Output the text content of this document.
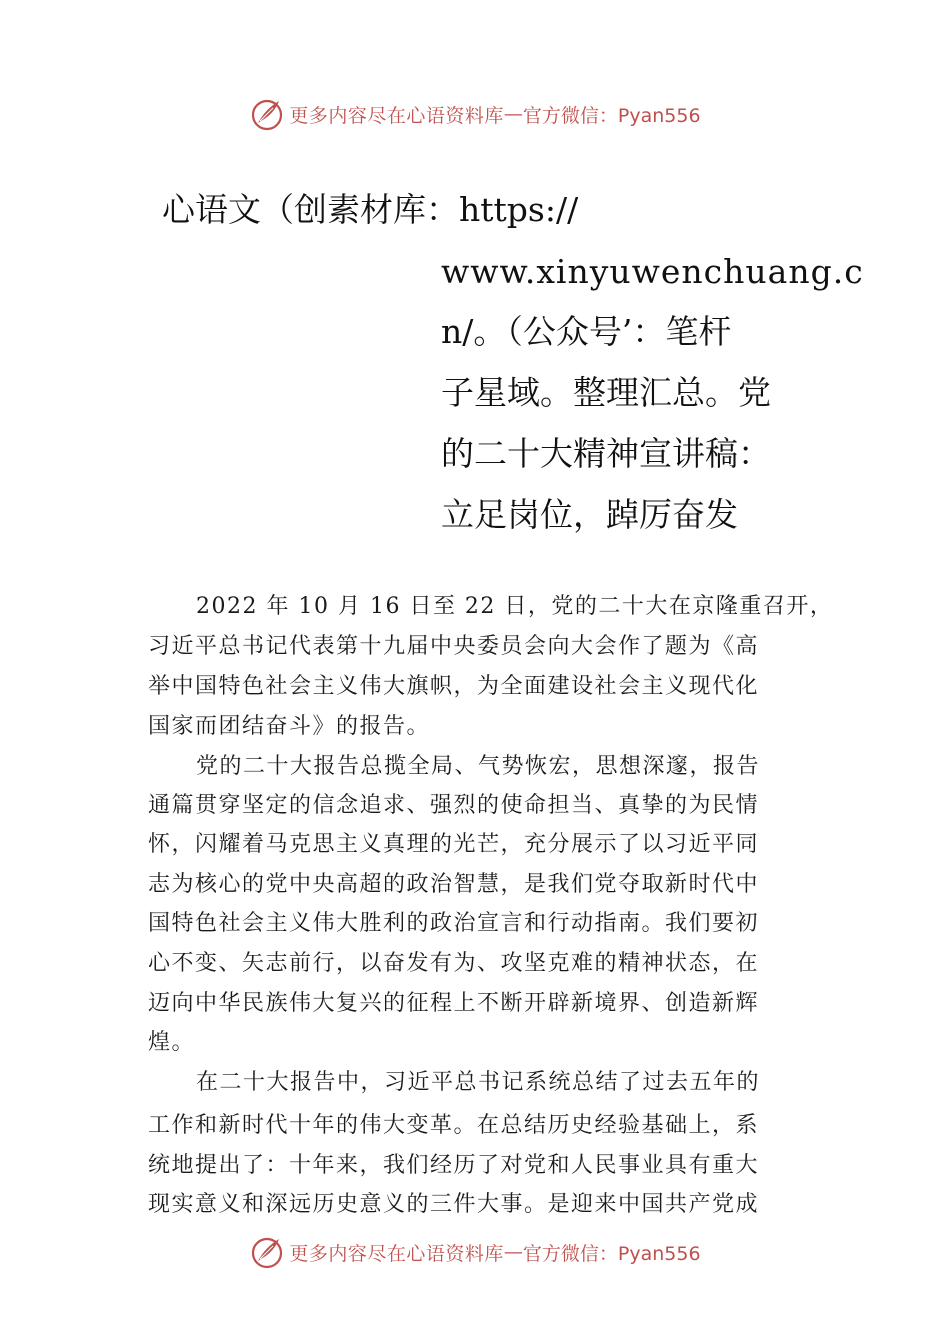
更多内容尽在心语资料库 — 官方微信：Pyan556
心语文（创素材库：https://
www.xinyuwenchuang.c
n/。（公众号’：笔杆
子星域。整理汇总。党
的二十大精神宣讲稿：
立足岗位，踔厉奋发
2022 年 10 月 16 日至 22 日，党的二十大在京隆重召开，
习近平总书记代表第十九届中央委员会向大会作了题为《高
举中国特色社会主义伟大旗帜，为全面建设社会主义现代化
国家而团结奋斗》的报告。
党的二十大报告总揽全局、气势恢宏，思想深邃，报告
通篇贯穿坚定的信念追求、强烈的使命担当、真挚的为民情
怀，闪耀着马克思主义真理的光芒，充分展示了以习近平同
志为核心的党中央高超的政治智慧，是我们党夺取新时代中
国特色社会主义伟大胜利的政治宣言和行动指南。我们要初
心不变、矢志前行，以奋发有为、攻坚克难的精神状态，在
迈向中华民族伟大复兴的征程上不断开辟新境界、创造新辉
煌。
在二十大报告中，习近平总书记系统总结了过去五年的
工作和新时代十年的伟大变革。在总结历史经验基础上，系
统地提出了：十年来，我们经历了对党和人民事业具有重大
现实意义和深远历史意义的三件大事。是迎来中国共产党成
更多内容尽在心语资料库 — 官方微信：Pyan556
